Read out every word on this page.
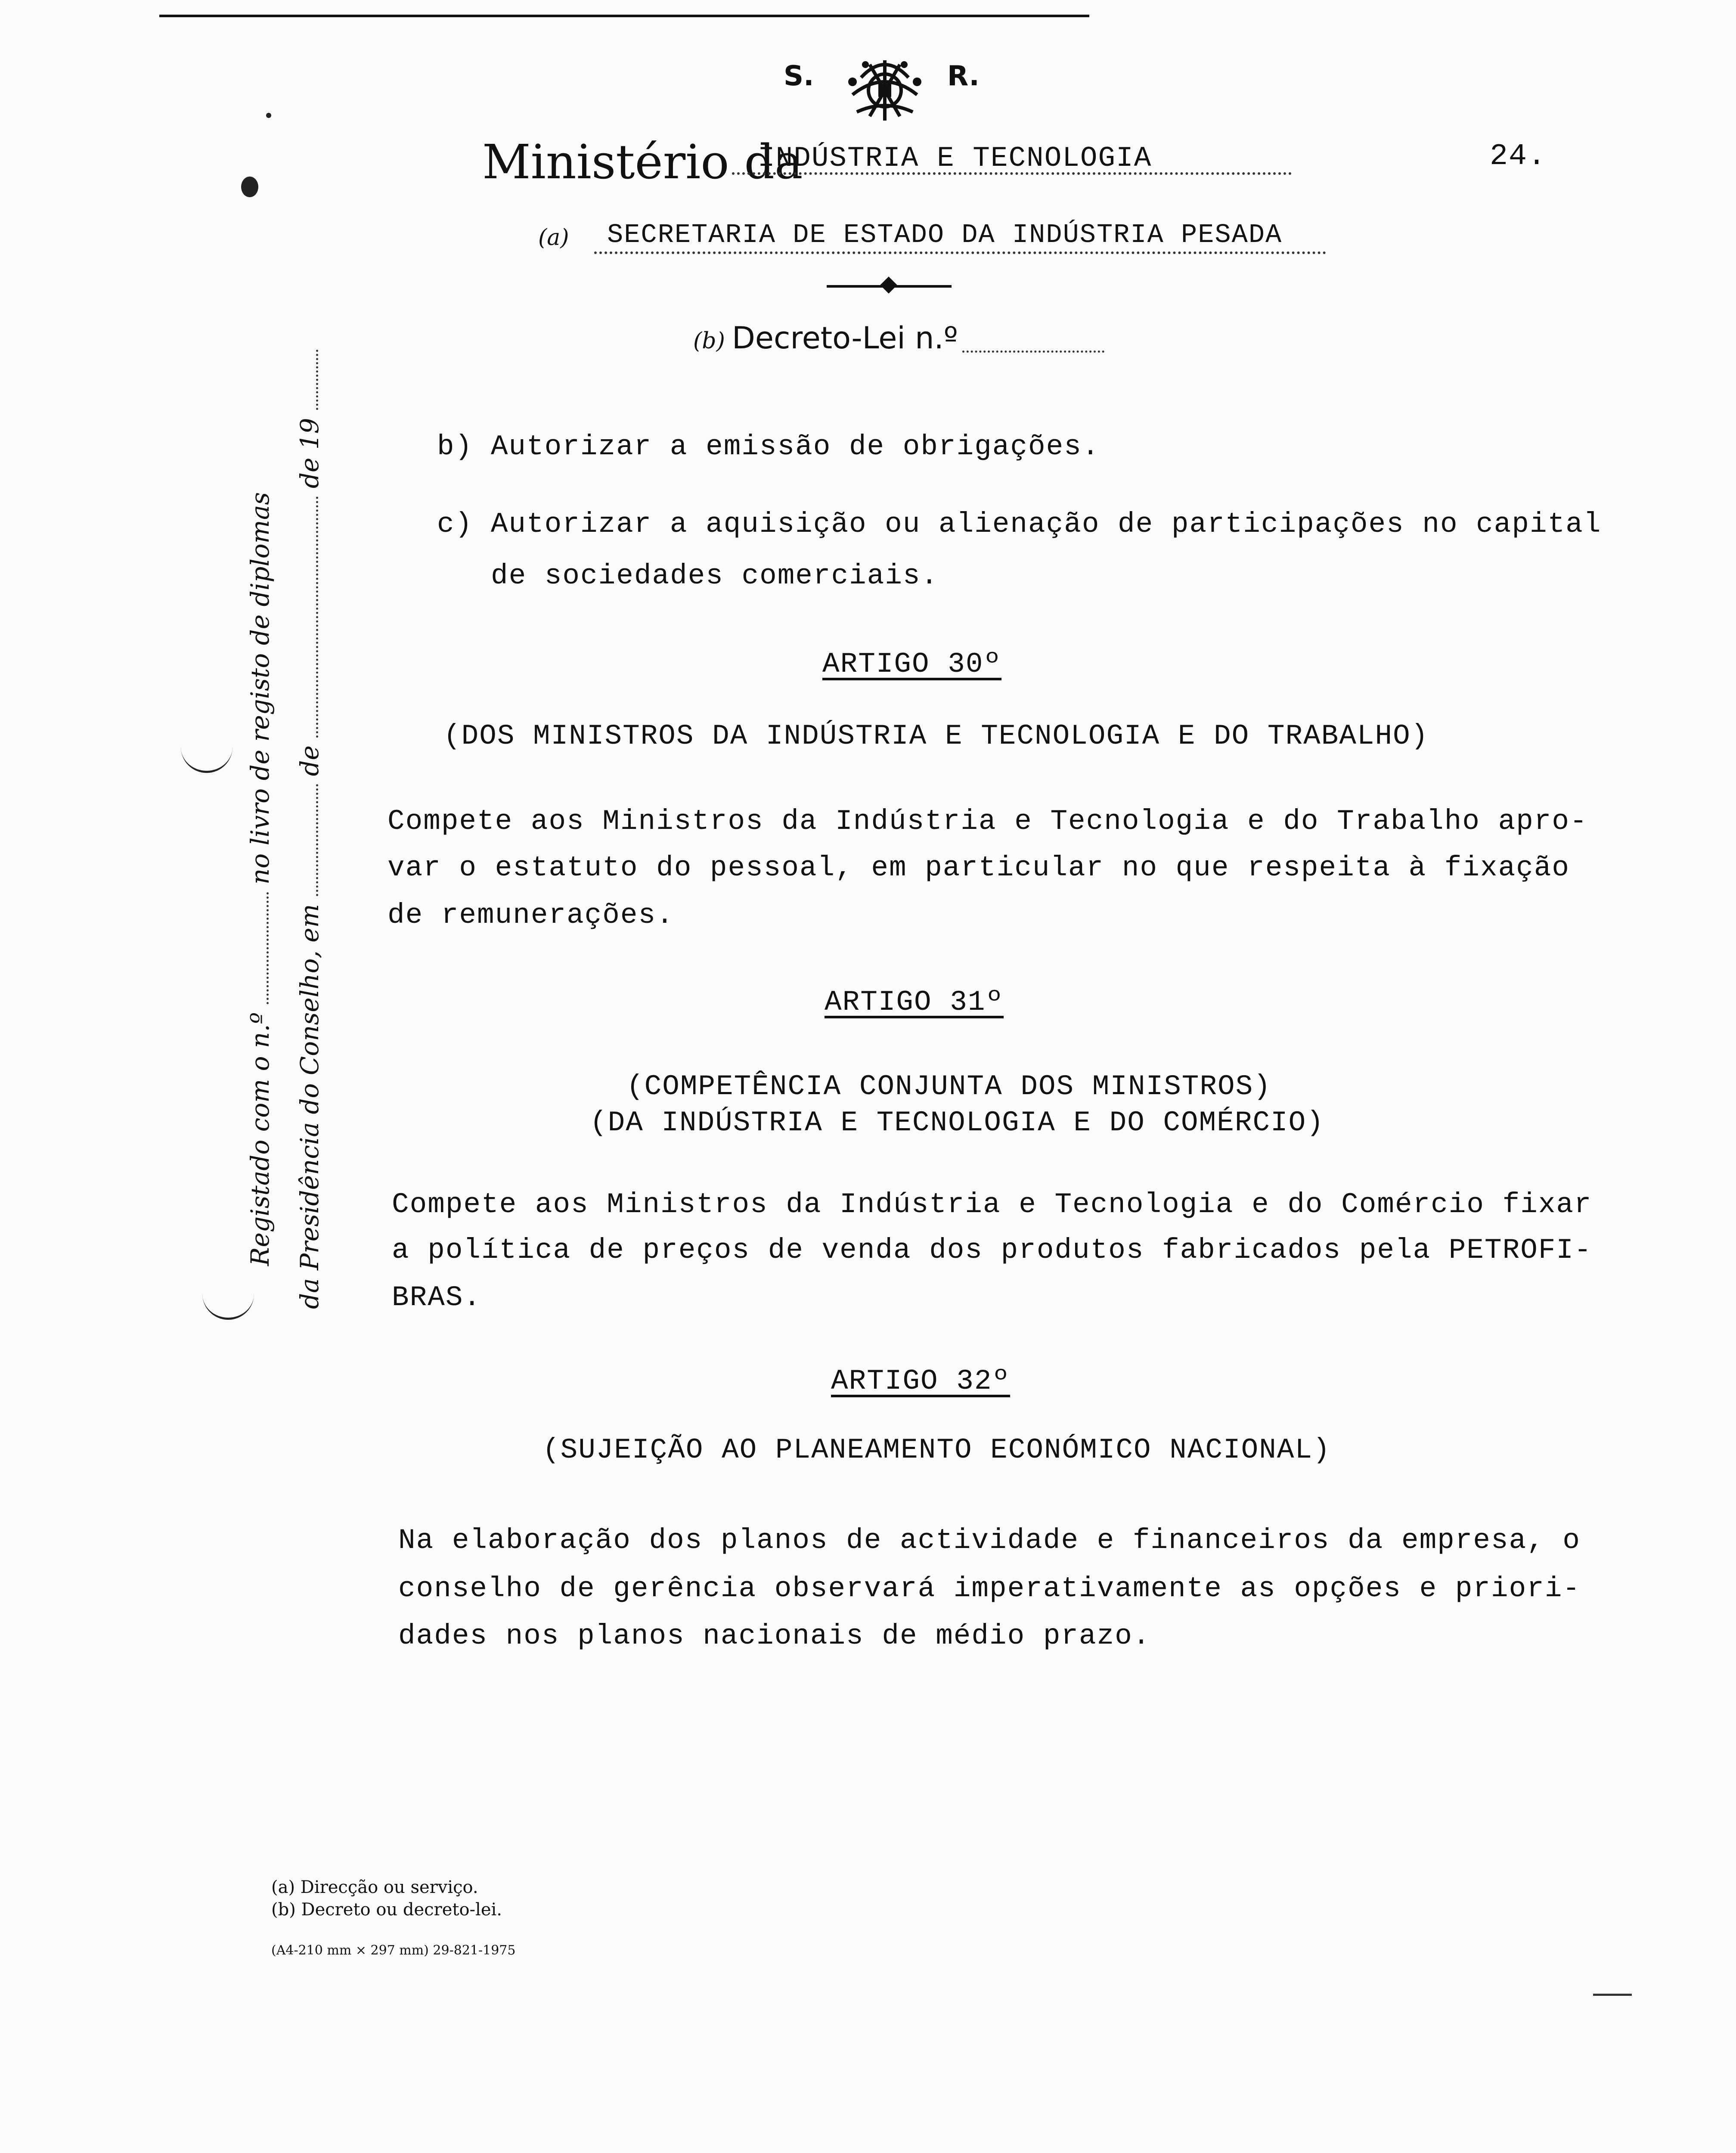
S.	R.
Ministério da
INDÚSTRIA E TECNOLOGIA	24.
(a) SECRETARIA DE ESTADO DA INDÚSTRIA PESADA
(b) Decreto-Lei n.º
b) Autorizar a emissão de obrigações.
c) Autorizar a aquisição ou alienação de participações no capital
de sociedades comerciais.
ARTIGO 30º
(DOS MINISTROS DA INDÚSTRIA E TECNOLOGIA E DO TRABALHO)
Compete aos Ministros da Indústria e Tecnologia e do Trabalho apro-
var o estatuto do pessoal, em particular no que respeita à fixação
de remunerações.
ARTIGO 31º
(COMPETÊNCIA CONJUNTA DOS MINISTROS)
(DA INDÚSTRIA E TECNOLOGIA E DO COMÉRCIO)
Compete aos Ministros da Indústria e Tecnologia e do Comércio fixar
a política de preços de venda dos produtos fabricados pela PETROFI-
BRAS.
ARTIGO 32º
(SUJEIÇÃO AO PLANEAMENTO ECONÓMICO NACIONAL)
Na elaboração dos planos de actividade e financeiros da empresa, o
conselho de gerência observará imperativamente as opções e priori-
dades nos planos nacionais de médio prazo.
Registado com o n.º  no livro de registo de diplomas
da Presidência do Conselho, em  de  de 19
(a) Direcção ou serviço.
(b) Decreto ou decreto-lei.
(A4-210 mm × 297 mm) 29-821-1975
